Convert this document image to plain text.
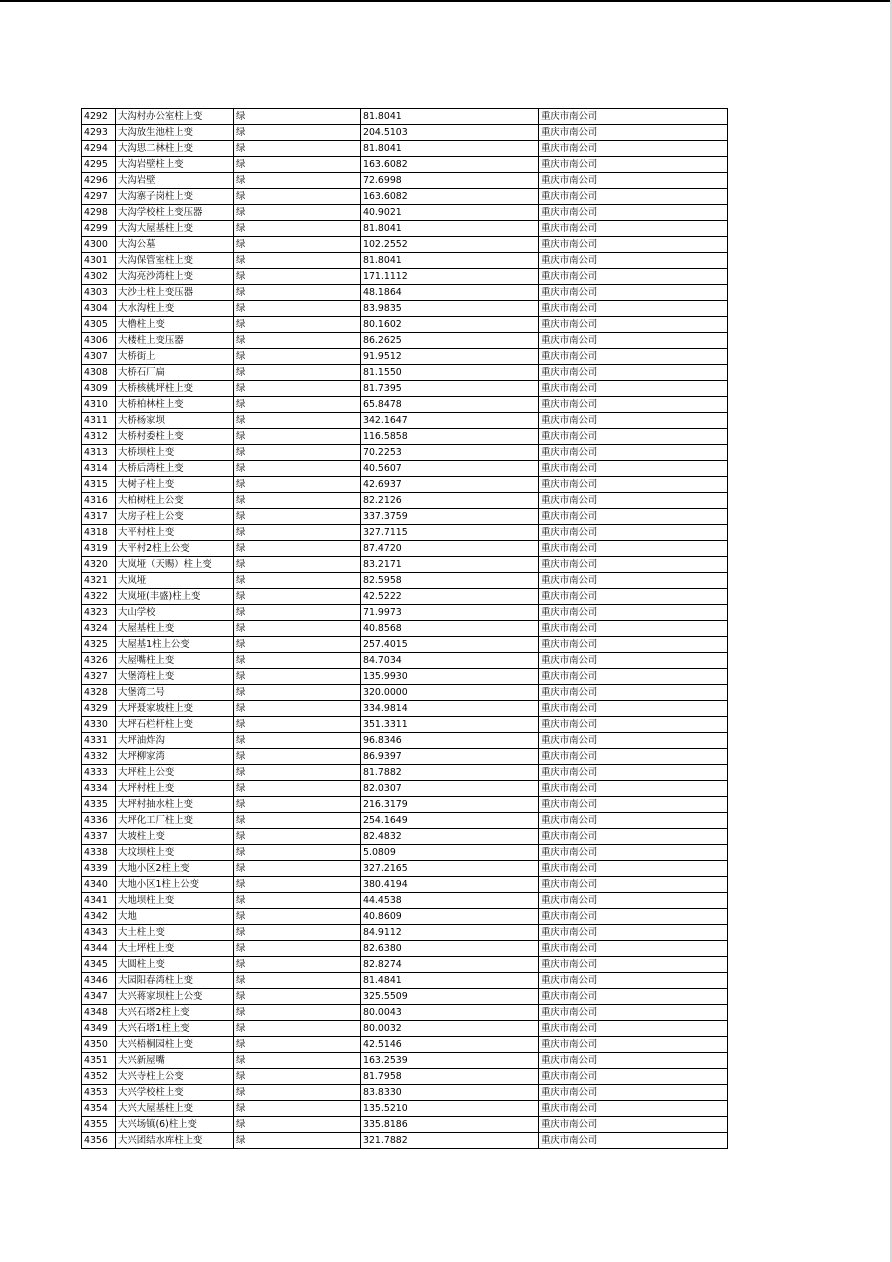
4292	大沟村办公室柱上变	绿	81.8041	重庆市南公司
4293	大沟放生池柱上变	绿	204.5103	重庆市南公司
4294	大沟思二林柱上变	绿	81.8041	重庆市南公司
4295	大沟岩壁柱上变	绿	163.6082	重庆市南公司
4296	大沟岩壁	绿	72.6998	重庆市南公司
4297	大沟寨子岗柱上变	绿	163.6082	重庆市南公司
4298	大沟学校柱上变压器	绿	40.9021	重庆市南公司
4299	大沟大屋基柱上变	绿	81.8041	重庆市南公司
4300	大沟公墓	绿	102.2552	重庆市南公司
4301	大沟保管室柱上变	绿	81.8041	重庆市南公司
4302	大沟亮沙湾柱上变	绿	171.1112	重庆市南公司
4303	大沙土柱上变压器	绿	48.1864	重庆市南公司
4304	大水沟柱上变	绿	83.9835	重庆市南公司
4305	大橹柱上变	绿	80.1602	重庆市南公司
4306	大楼柱上变压器	绿	86.2625	重庆市南公司
4307	大桥街上	绿	91.9512	重庆市南公司
4308	大桥石厂扁	绿	81.1550	重庆市南公司
4309	大桥核桃坪柱上变	绿	81.7395	重庆市南公司
4310	大桥柏林柱上变	绿	65.8478	重庆市南公司
4311	大桥杨家坝	绿	342.1647	重庆市南公司
4312	大桥村委柱上变	绿	116.5858	重庆市南公司
4313	大桥坝柱上变	绿	70.2253	重庆市南公司
4314	大桥后湾柱上变	绿	40.5607	重庆市南公司
4315	大树子柱上变	绿	42.6937	重庆市南公司
4316	大柏树柱上公变	绿	82.2126	重庆市南公司
4317	大房子柱上公变	绿	337.3759	重庆市南公司
4318	大平村柱上变	绿	327.7115	重庆市南公司
4319	大平村2柱上公变	绿	87.4720	重庆市南公司
4320	大岚垭（天赐）柱上变	绿	83.2171	重庆市南公司
4321	大岚垭	绿	82.5958	重庆市南公司
4322	大岚垭(丰盛)柱上变	绿	42.5222	重庆市南公司
4323	大山学校	绿	71.9973	重庆市南公司
4324	大屋基柱上变	绿	40.8568	重庆市南公司
4325	大屋基1柱上公变	绿	257.4015	重庆市南公司
4326	大屋嘴柱上变	绿	84.7034	重庆市南公司
4327	大堡湾柱上变	绿	135.9930	重庆市南公司
4328	大堡湾二号	绿	320.0000	重庆市南公司
4329	大坪聂家坡柱上变	绿	334.9814	重庆市南公司
4330	大坪石栏杆柱上变	绿	351.3311	重庆市南公司
4331	大坪油炸沟	绿	96.8346	重庆市南公司
4332	大坪柳家湾	绿	86.9397	重庆市南公司
4333	大坪柱上公变	绿	81.7882	重庆市南公司
4334	大坪村柱上变	绿	82.0307	重庆市南公司
4335	大坪村抽水柱上变	绿	216.3179	重庆市南公司
4336	大坪化工厂柱上变	绿	254.1649	重庆市南公司
4337	大坡柱上变	绿	82.4832	重庆市南公司
4338	大坟坝柱上变	绿	5.0809	重庆市南公司
4339	大地小区2柱上变	绿	327.2165	重庆市南公司
4340	大地小区1柱上公变	绿	380.4194	重庆市南公司
4341	大地坝柱上变	绿	44.4538	重庆市南公司
4342	大地	绿	40.8609	重庆市南公司
4343	大土柱上变	绿	84.9112	重庆市南公司
4344	大土坪柱上变	绿	82.6380	重庆市南公司
4345	大圆柱上变	绿	82.8274	重庆市南公司
4346	大园阳春湾柱上变	绿	81.4841	重庆市南公司
4347	大兴蒋家坝柱上公变	绿	325.5509	重庆市南公司
4348	大兴石塔2柱上变	绿	80.0043	重庆市南公司
4349	大兴石塔1柱上变	绿	80.0032	重庆市南公司
4350	大兴梧桐园柱上变	绿	42.5146	重庆市南公司
4351	大兴新屋嘴	绿	163.2539	重庆市南公司
4352	大兴寺柱上公变	绿	81.7958	重庆市南公司
4353	大兴学校柱上变	绿	83.8330	重庆市南公司
4354	大兴大屋基柱上变	绿	135.5210	重庆市南公司
4355	大兴场镇(6)柱上变	绿	335.8186	重庆市南公司
4356	大兴团结水库柱上变	绿	321.7882	重庆市南公司
